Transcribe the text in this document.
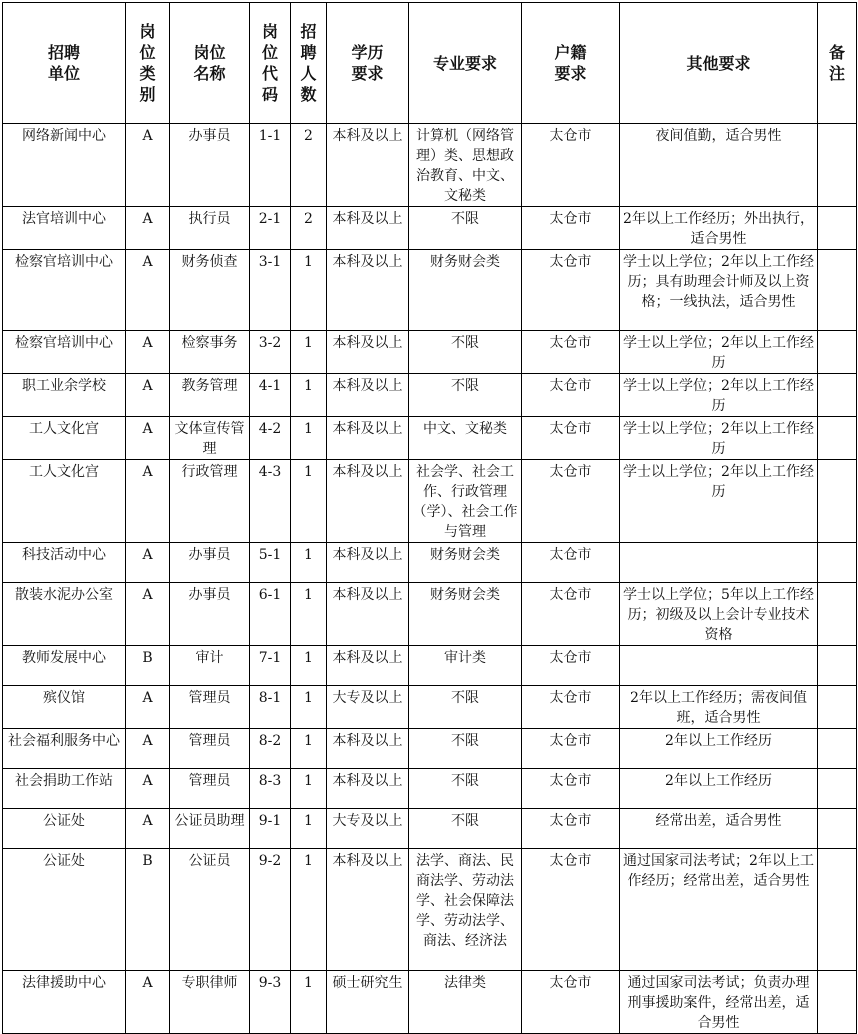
招聘单位	岗位类别	岗位名称	岗位代码	招聘人数	学历要求	专业要求	户籍要求	其他要求	备注

网络新闻中心	A	办事员	1-1	2	本科及以上	计算机（网络管理）类、思想政治教育、中文、文秘类	太仓市	夜间值勤，适合男性	

法官培训中心	A	执行员	2-1	2	本科及以上	不限	太仓市	2年以上工作经历；外出执行，适合男性	

检察官培训中心	A	财务侦查	3-1	1	本科及以上	财务财会类	太仓市	学士以上学位；2年以上工作经历；具有助理会计师及以上资格；一线执法，适合男性	

检察官培训中心	A	检察事务	3-2	1	本科及以上	不限	太仓市	学士以上学位；2年以上工作经历	

职工业余学校	A	教务管理	4-1	1	本科及以上	不限	太仓市	学士以上学位；2年以上工作经历	

工人文化宫	A	文体宣传管理	4-2	1	本科及以上	中文、文秘类	太仓市	学士以上学位；2年以上工作经历	

工人文化宫	A	行政管理	4-3	1	本科及以上	社会学、社会工作、行政管理（学）、社会工作与管理	太仓市	学士以上学位；2年以上工作经历	

科技活动中心	A	办事员	5-1	1	本科及以上	财务财会类	太仓市		

散装水泥办公室	A	办事员	6-1	1	本科及以上	财务财会类	太仓市	学士以上学位；5年以上工作经历；初级及以上会计专业技术资格	

教师发展中心	B	审计	7-1	1	本科及以上	审计类	太仓市		

殡仪馆	A	管理员	8-1	1	大专及以上	不限	太仓市	2年以上工作经历；需夜间值班，适合男性	

社会福利服务中心	A	管理员	8-2	1	本科及以上	不限	太仓市	2年以上工作经历	

社会捐助工作站	A	管理员	8-3	1	本科及以上	不限	太仓市	2年以上工作经历	

公证处	A	公证员助理	9-1	1	大专及以上	不限	太仓市	经常出差，适合男性	

公证处	B	公证员	9-2	1	本科及以上	法学、商法、民商法学、劳动法学、社会保障法学、劳动法学、商法、经济法	太仓市	通过国家司法考试；2年以上工作经历；经常出差，适合男性	

法律援助中心	A	专职律师	9-3	1	硕士研究生	法律类	太仓市	通过国家司法考试；负责办理刑事援助案件，经常出差，适合男性	
